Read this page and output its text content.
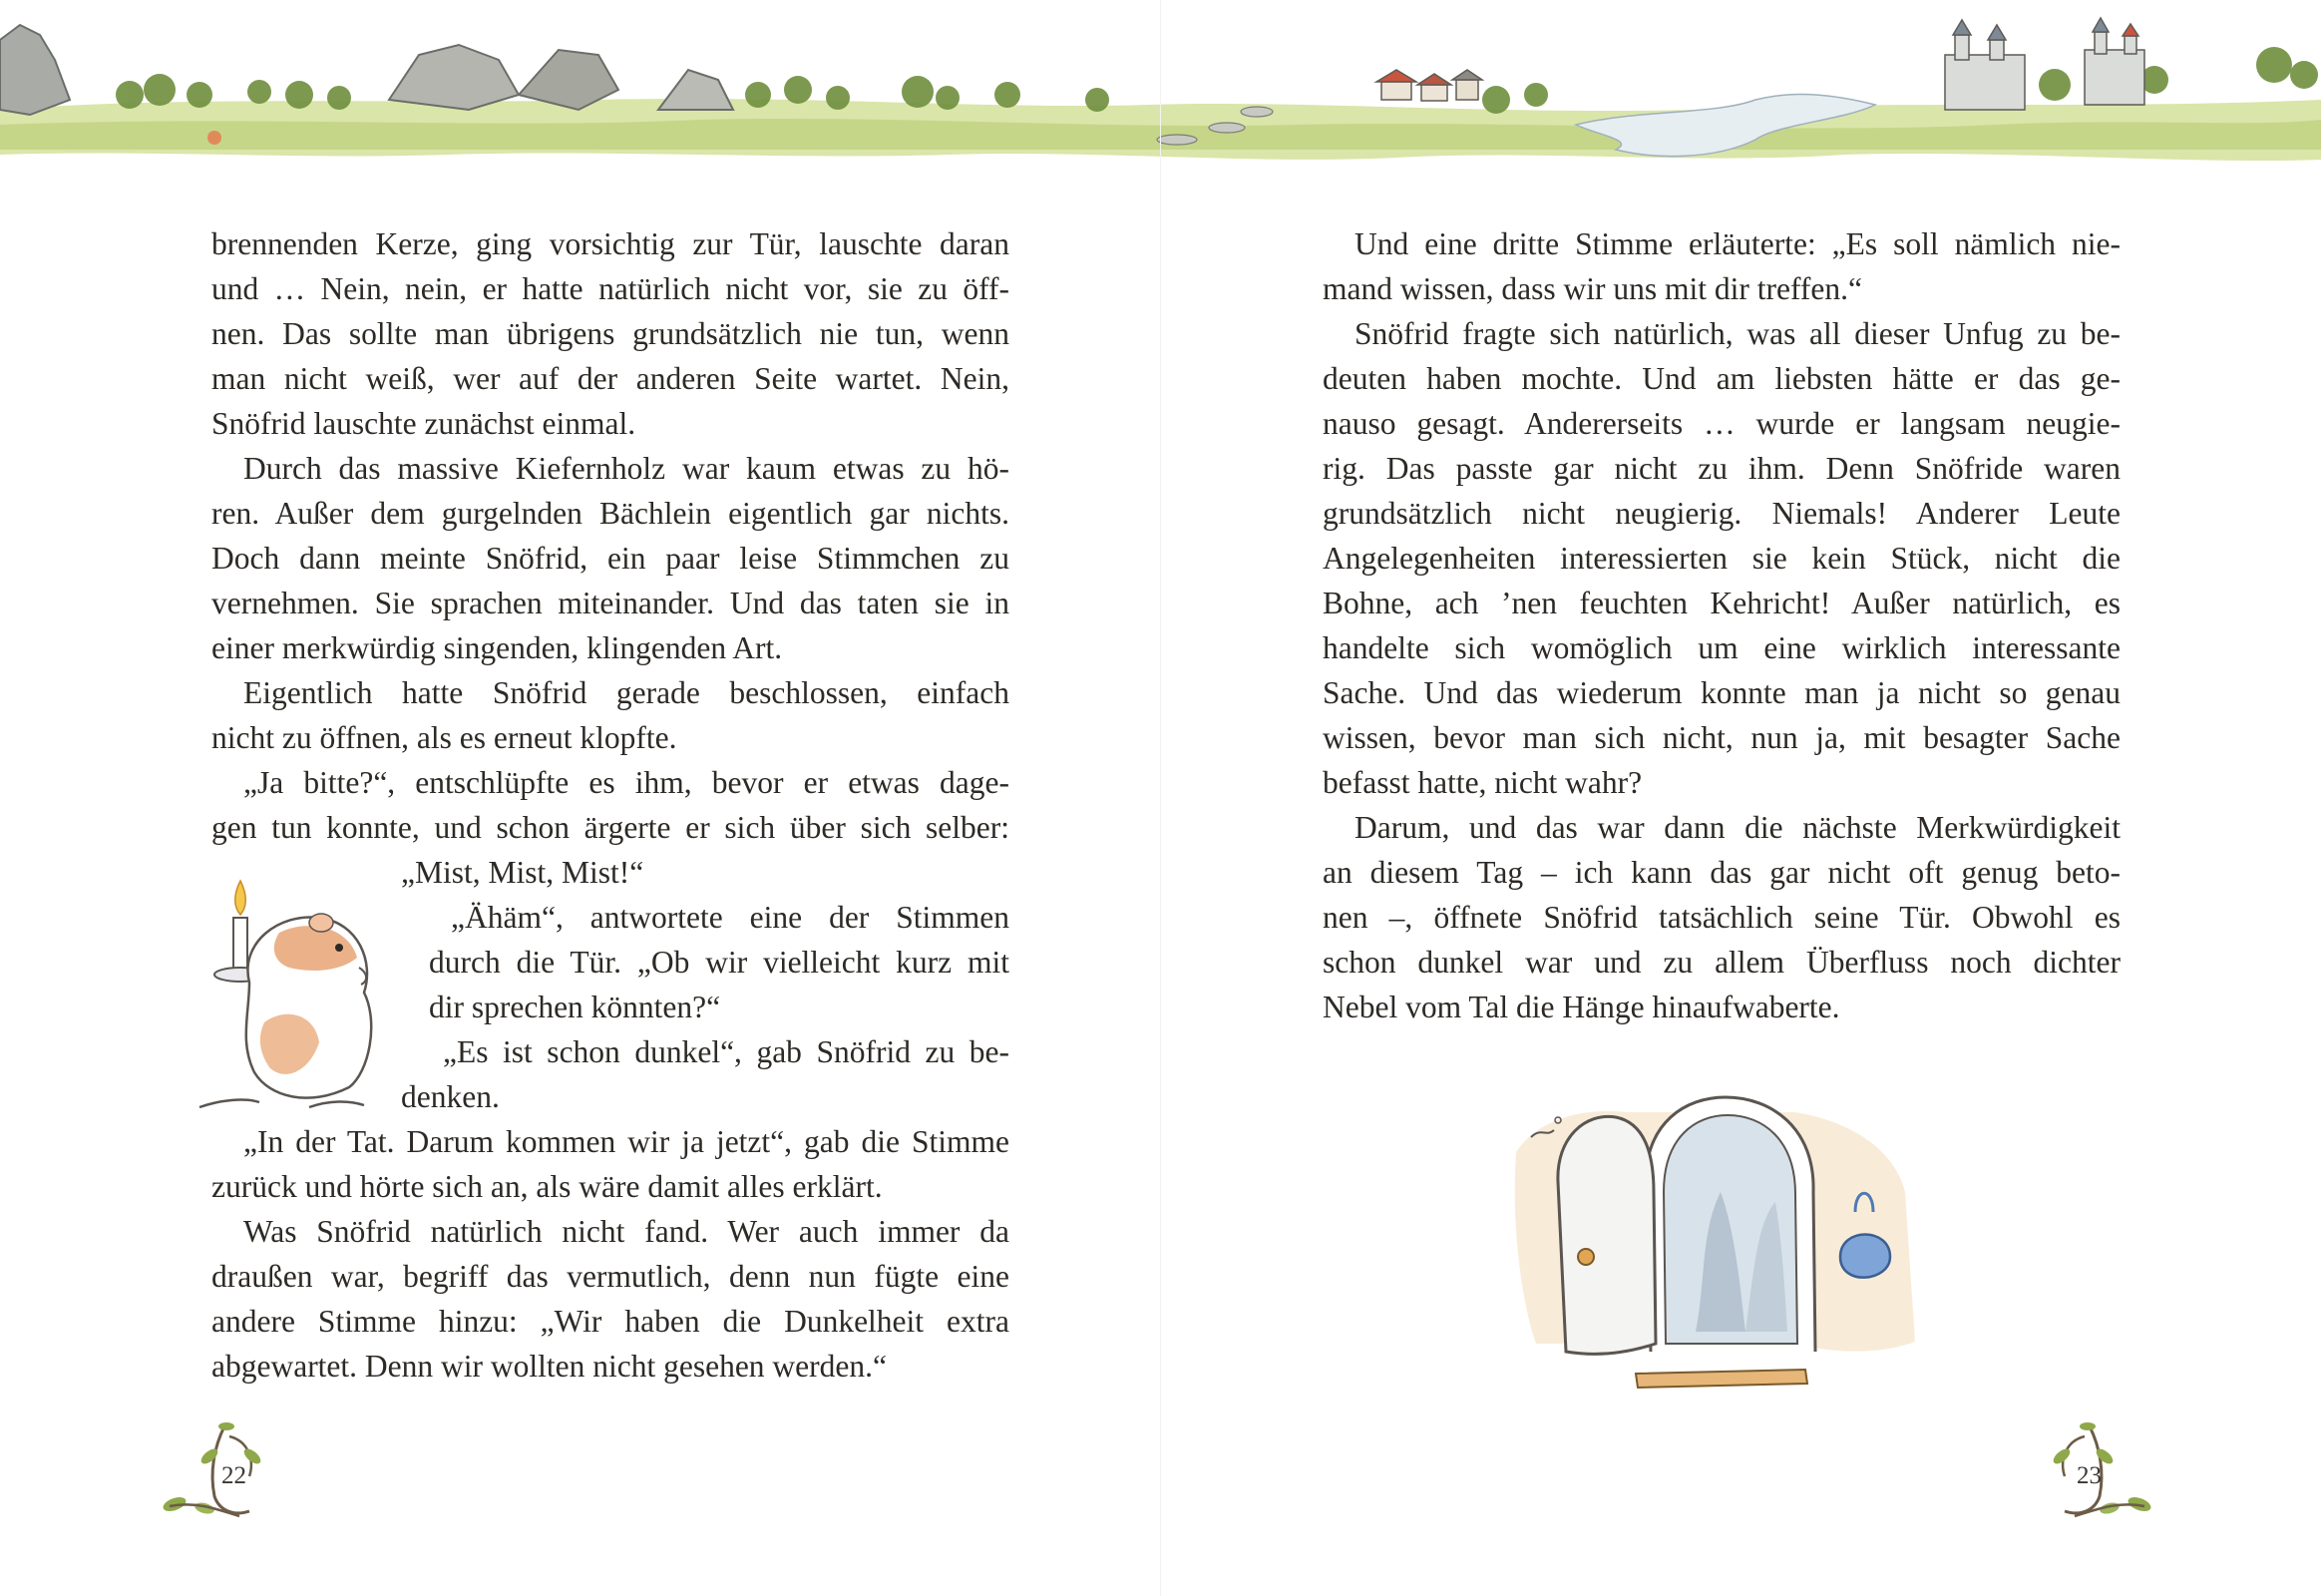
brennenden Kerze, ging vorsichtig zur Tür, lauschte daran
und … Nein, nein, er hatte natürlich nicht vor, sie zu öff-
nen. Das sollte man übrigens grundsätzlich nie tun, wenn
man nicht weiß, wer auf der anderen Seite wartet. Nein,
Snöfrid lauschte zunächst einmal.
Durch das massive Kiefernholz war kaum etwas zu hö-
ren. Außer dem gurgelnden Bächlein eigentlich gar nichts.
Doch dann meinte Snöfrid, ein paar leise Stimmchen zu
vernehmen. Sie sprachen miteinander. Und das taten sie in
einer merkwürdig singenden, klingenden Art.
Eigentlich hatte Snöfrid gerade beschlossen, einfach
nicht zu öffnen, als es erneut klopfte.
„Ja bitte?“, entschlüpfte es ihm, bevor er etwas dage-
gen tun konnte, und schon ärgerte er sich über sich selber:
„Mist, Mist, Mist!“
„Ähäm“, antwortete eine der Stimmen
durch die Tür. „Ob wir vielleicht kurz mit
dir sprechen könnten?“
„Es ist schon dunkel“, gab Snöfrid zu be-
denken.
„In der Tat. Darum kommen wir ja jetzt“, gab die Stimme
zurück und hörte sich an, als wäre damit alles erklärt.
Was Snöfrid natürlich nicht fand. Wer auch immer da
draußen war, begriff das vermutlich, denn nun fügte eine
andere Stimme hinzu: „Wir haben die Dunkelheit extra
abgewartet. Denn wir wollten nicht gesehen werden.“
Und eine dritte Stimme erläuterte: „Es soll nämlich nie-
mand wissen, dass wir uns mit dir treffen.“
Snöfrid fragte sich natürlich, was all dieser Unfug zu be-
deuten haben mochte. Und am liebsten hätte er das ge-
nauso gesagt. Andererseits … wurde er langsam neugie-
rig. Das passte gar nicht zu ihm. Denn Snöfride waren
grundsätzlich nicht neugierig. Niemals! Anderer Leute
Angelegenheiten interessierten sie kein Stück, nicht die
Bohne, ach ’nen feuchten Kehricht! Außer natürlich, es
handelte sich womöglich um eine wirklich interessante
Sache. Und das wiederum konnte man ja nicht so genau
wissen, bevor man sich nicht, nun ja, mit besagter Sache
befasst hatte, nicht wahr?
Darum, und das war dann die nächste Merkwürdigkeit
an diesem Tag – ich kann das gar nicht oft genug beto-
nen –, öffnete Snöfrid tatsächlich seine Tür. Obwohl es
schon dunkel war und zu allem Überfluss noch dichter
Nebel vom Tal die Hänge hinaufwaberte.
22	23
